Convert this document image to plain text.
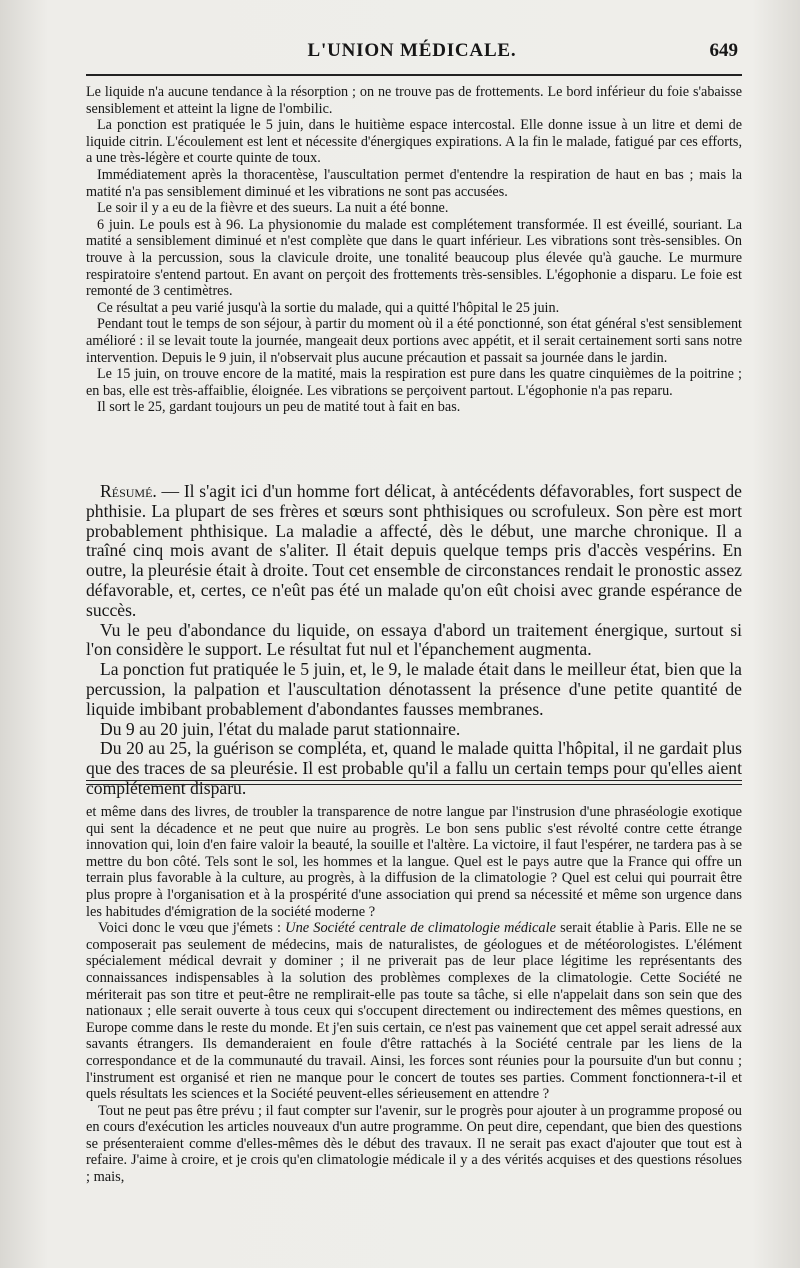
L'UNION MÉDICALE.	649

Le liquide n'a aucune tendance à la résorption ; on ne trouve pas de frottements. Le bord inférieur du foie s'abaisse sensiblement et atteint la ligne de l'ombilic.

La ponction est pratiquée le 5 juin, dans le huitième espace intercostal. Elle donne issue à un litre et demi de liquide citrin. L'écoulement est lent et nécessite d'énergiques expirations. A la fin le malade, fatigué par ces efforts, a une très-légère et courte quinte de toux.

Immédiatement après la thoracentèse, l'auscultation permet d'entendre la respiration de haut en bas ; mais la matité n'a pas sensiblement diminué et les vibrations ne sont pas accusées.

Le soir il y a eu de la fièvre et des sueurs. La nuit a été bonne.

6 juin. Le pouls est à 96. La physionomie du malade est complétement transformée. Il est éveillé, souriant. La matité a sensiblement diminué et n'est complète que dans le quart inférieur. Les vibrations sont très-sensibles. On trouve à la percussion, sous la clavicule droite, une tonalité beaucoup plus élevée qu'à gauche. Le murmure respiratoire s'entend partout. En avant on perçoit des frottements très-sensibles. L'égophonie a disparu. Le foie est remonté de 3 centimètres.

Ce résultat a peu varié jusqu'à la sortie du malade, qui a quitté l'hôpital le 25 juin.

Pendant tout le temps de son séjour, à partir du moment où il a été ponctionné, son état général s'est sensiblement amélioré : il se levait toute la journée, mangeait deux portions avec appétit, et il serait certainement sorti sans notre intervention. Depuis le 9 juin, il n'observait plus aucune précaution et passait sa journée dans le jardin.

Le 15 juin, on trouve encore de la matité, mais la respiration est pure dans les quatre cinquièmes de la poitrine ; en bas, elle est très-affaiblie, éloignée. Les vibrations se perçoivent partout. L'égophonie n'a pas reparu.

Il sort le 25, gardant toujours un peu de matité tout à fait en bas.

Résumé. — Il s'agit ici d'un homme fort délicat, à antécédents défavorables, fort suspect de phthisie. La plupart de ses frères et sœurs sont phthisiques ou scrofuleux. Son père est mort probablement phthisique. La maladie a affecté, dès le début, une marche chronique. Il a traîné cinq mois avant de s'aliter. Il était depuis quelque temps pris d'accès vespérins. En outre, la pleurésie était à droite. Tout cet ensemble de circonstances rendait le pronostic assez défavorable, et, certes, ce n'eût pas été un malade qu'on eût choisi avec grande espérance de succès.

Vu le peu d'abondance du liquide, on essaya d'abord un traitement énergique, surtout si l'on considère le support. Le résultat fut nul et l'épanchement augmenta.

La ponction fut pratiquée le 5 juin, et, le 9, le malade était dans le meilleur état, bien que la percussion, la palpation et l'auscultation dénotassent la présence d'une petite quantité de liquide imbibant probablement d'abondantes fausses membranes.

Du 9 au 20 juin, l'état du malade parut stationnaire.

Du 20 au 25, la guérison se compléta, et, quand le malade quitta l'hôpital, il ne gardait plus que des traces de sa pleurésie. Il est probable qu'il a fallu un certain temps pour qu'elles aient complétement disparu.

et même dans des livres, de troubler la transparence de notre langue par l'instrusion d'une phraséologie exotique qui sent la décadence et ne peut que nuire au progrès. Le bon sens public s'est révolté contre cette étrange innovation qui, loin d'en faire valoir la beauté, la souille et l'altère. La victoire, il faut l'espérer, ne tardera pas à se mettre du bon côté. Tels sont le sol, les hommes et la langue. Quel est le pays autre que la France qui offre un terrain plus favorable à la culture, au progrès, à la diffusion de la climatologie ? Quel est celui qui pourrait être plus propre à l'organisation et à la prospérité d'une association qui prend sa nécessité et même son urgence dans les habitudes d'émigration de la société moderne ?

Voici donc le vœu que j'émets : Une Société centrale de climatologie médicale serait établie à Paris. Elle ne se composerait pas seulement de médecins, mais de naturalistes, de géologues et de météorologistes. L'élément spécialement médical devrait y dominer ; il ne priverait pas de leur place légitime les représentants des connaissances indispensables à la solution des problèmes complexes de la climatologie. Cette Société ne mériterait pas son titre et peut-être ne remplirait-elle pas toute sa tâche, si elle n'appelait dans son sein que des nationaux ; elle serait ouverte à tous ceux qui s'occupent directement ou indirectement des mêmes questions, en Europe comme dans le reste du monde. Et j'en suis certain, ce n'est pas vainement que cet appel serait adressé aux savants étrangers. Ils demanderaient en foule d'être rattachés à la Société centrale par les liens de la correspondance et de la communauté du travail. Ainsi, les forces sont réunies pour la poursuite d'un but connu ; l'instrument est organisé et rien ne manque pour le concert de toutes ses parties. Comment fonctionnera-t-il et quels résultats les sciences et la Société peuvent-elles sérieusement en attendre ?

Tout ne peut pas être prévu ; il faut compter sur l'avenir, sur le progrès pour ajouter à un programme proposé ou en cours d'exécution les articles nouveaux d'un autre programme. On peut dire, cependant, que bien des questions se présenteraient comme d'elles-mêmes dès le début des travaux. Il ne serait pas exact d'ajouter que tout est à refaire. J'aime à croire, et je crois qu'en climatologie médicale il y a des vérités acquises et des questions résolues ; mais,
